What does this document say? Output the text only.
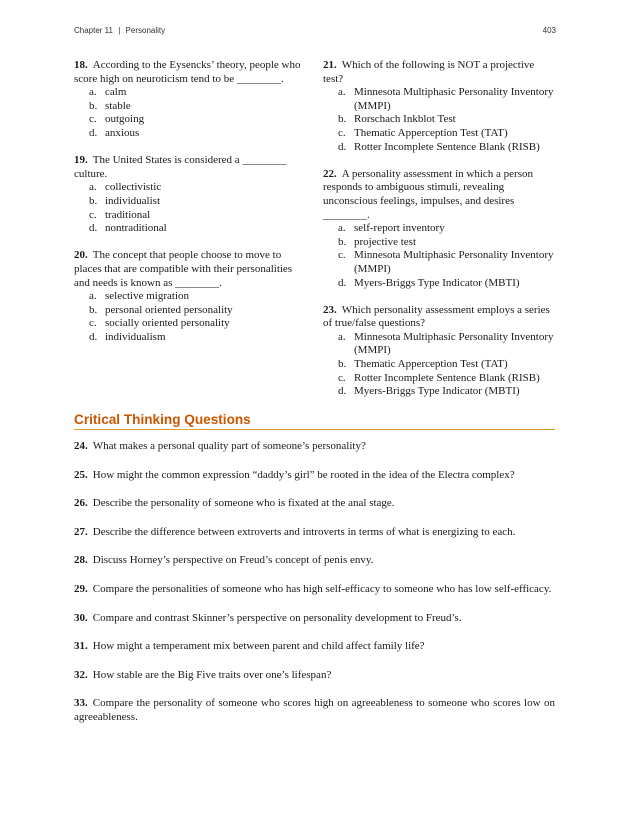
Chapter 11 | Personality	403
18. According to the Eysencks’ theory, people who score high on neuroticism tend to be ________.
a. calm
b. stable
c. outgoing
d. anxious
19. The United States is considered a ________ culture.
a. collectivistic
b. individualist
c. traditional
d. nontraditional
20. The concept that people choose to move to places that are compatible with their personalities and needs is known as ________.
a. selective migration
b. personal oriented personality
c. socially oriented personality
d. individualism
21. Which of the following is NOT a projective test?
a. Minnesota Multiphasic Personality Inventory (MMPI)
b. Rorschach Inkblot Test
c. Thematic Apperception Test (TAT)
d. Rotter Incomplete Sentence Blank (RISB)
22. A personality assessment in which a person responds to ambiguous stimuli, revealing unconscious feelings, impulses, and desires ________.
a. self-report inventory
b. projective test
c. Minnesota Multiphasic Personality Inventory (MMPI)
d. Myers-Briggs Type Indicator (MBTI)
23. Which personality assessment employs a series of true/false questions?
a. Minnesota Multiphasic Personality Inventory (MMPI)
b. Thematic Apperception Test (TAT)
c. Rotter Incomplete Sentence Blank (RISB)
d. Myers-Briggs Type Indicator (MBTI)
Critical Thinking Questions
24. What makes a personal quality part of someone’s personality?
25. How might the common expression “daddy’s girl” be rooted in the idea of the Electra complex?
26. Describe the personality of someone who is fixated at the anal stage.
27. Describe the difference between extroverts and introverts in terms of what is energizing to each.
28. Discuss Horney’s perspective on Freud’s concept of penis envy.
29. Compare the personalities of someone who has high self-efficacy to someone who has low self-efficacy.
30. Compare and contrast Skinner’s perspective on personality development to Freud’s.
31. How might a temperament mix between parent and child affect family life?
32. How stable are the Big Five traits over one’s lifespan?
33. Compare the personality of someone who scores high on agreeableness to someone who scores low on agreeableness.
